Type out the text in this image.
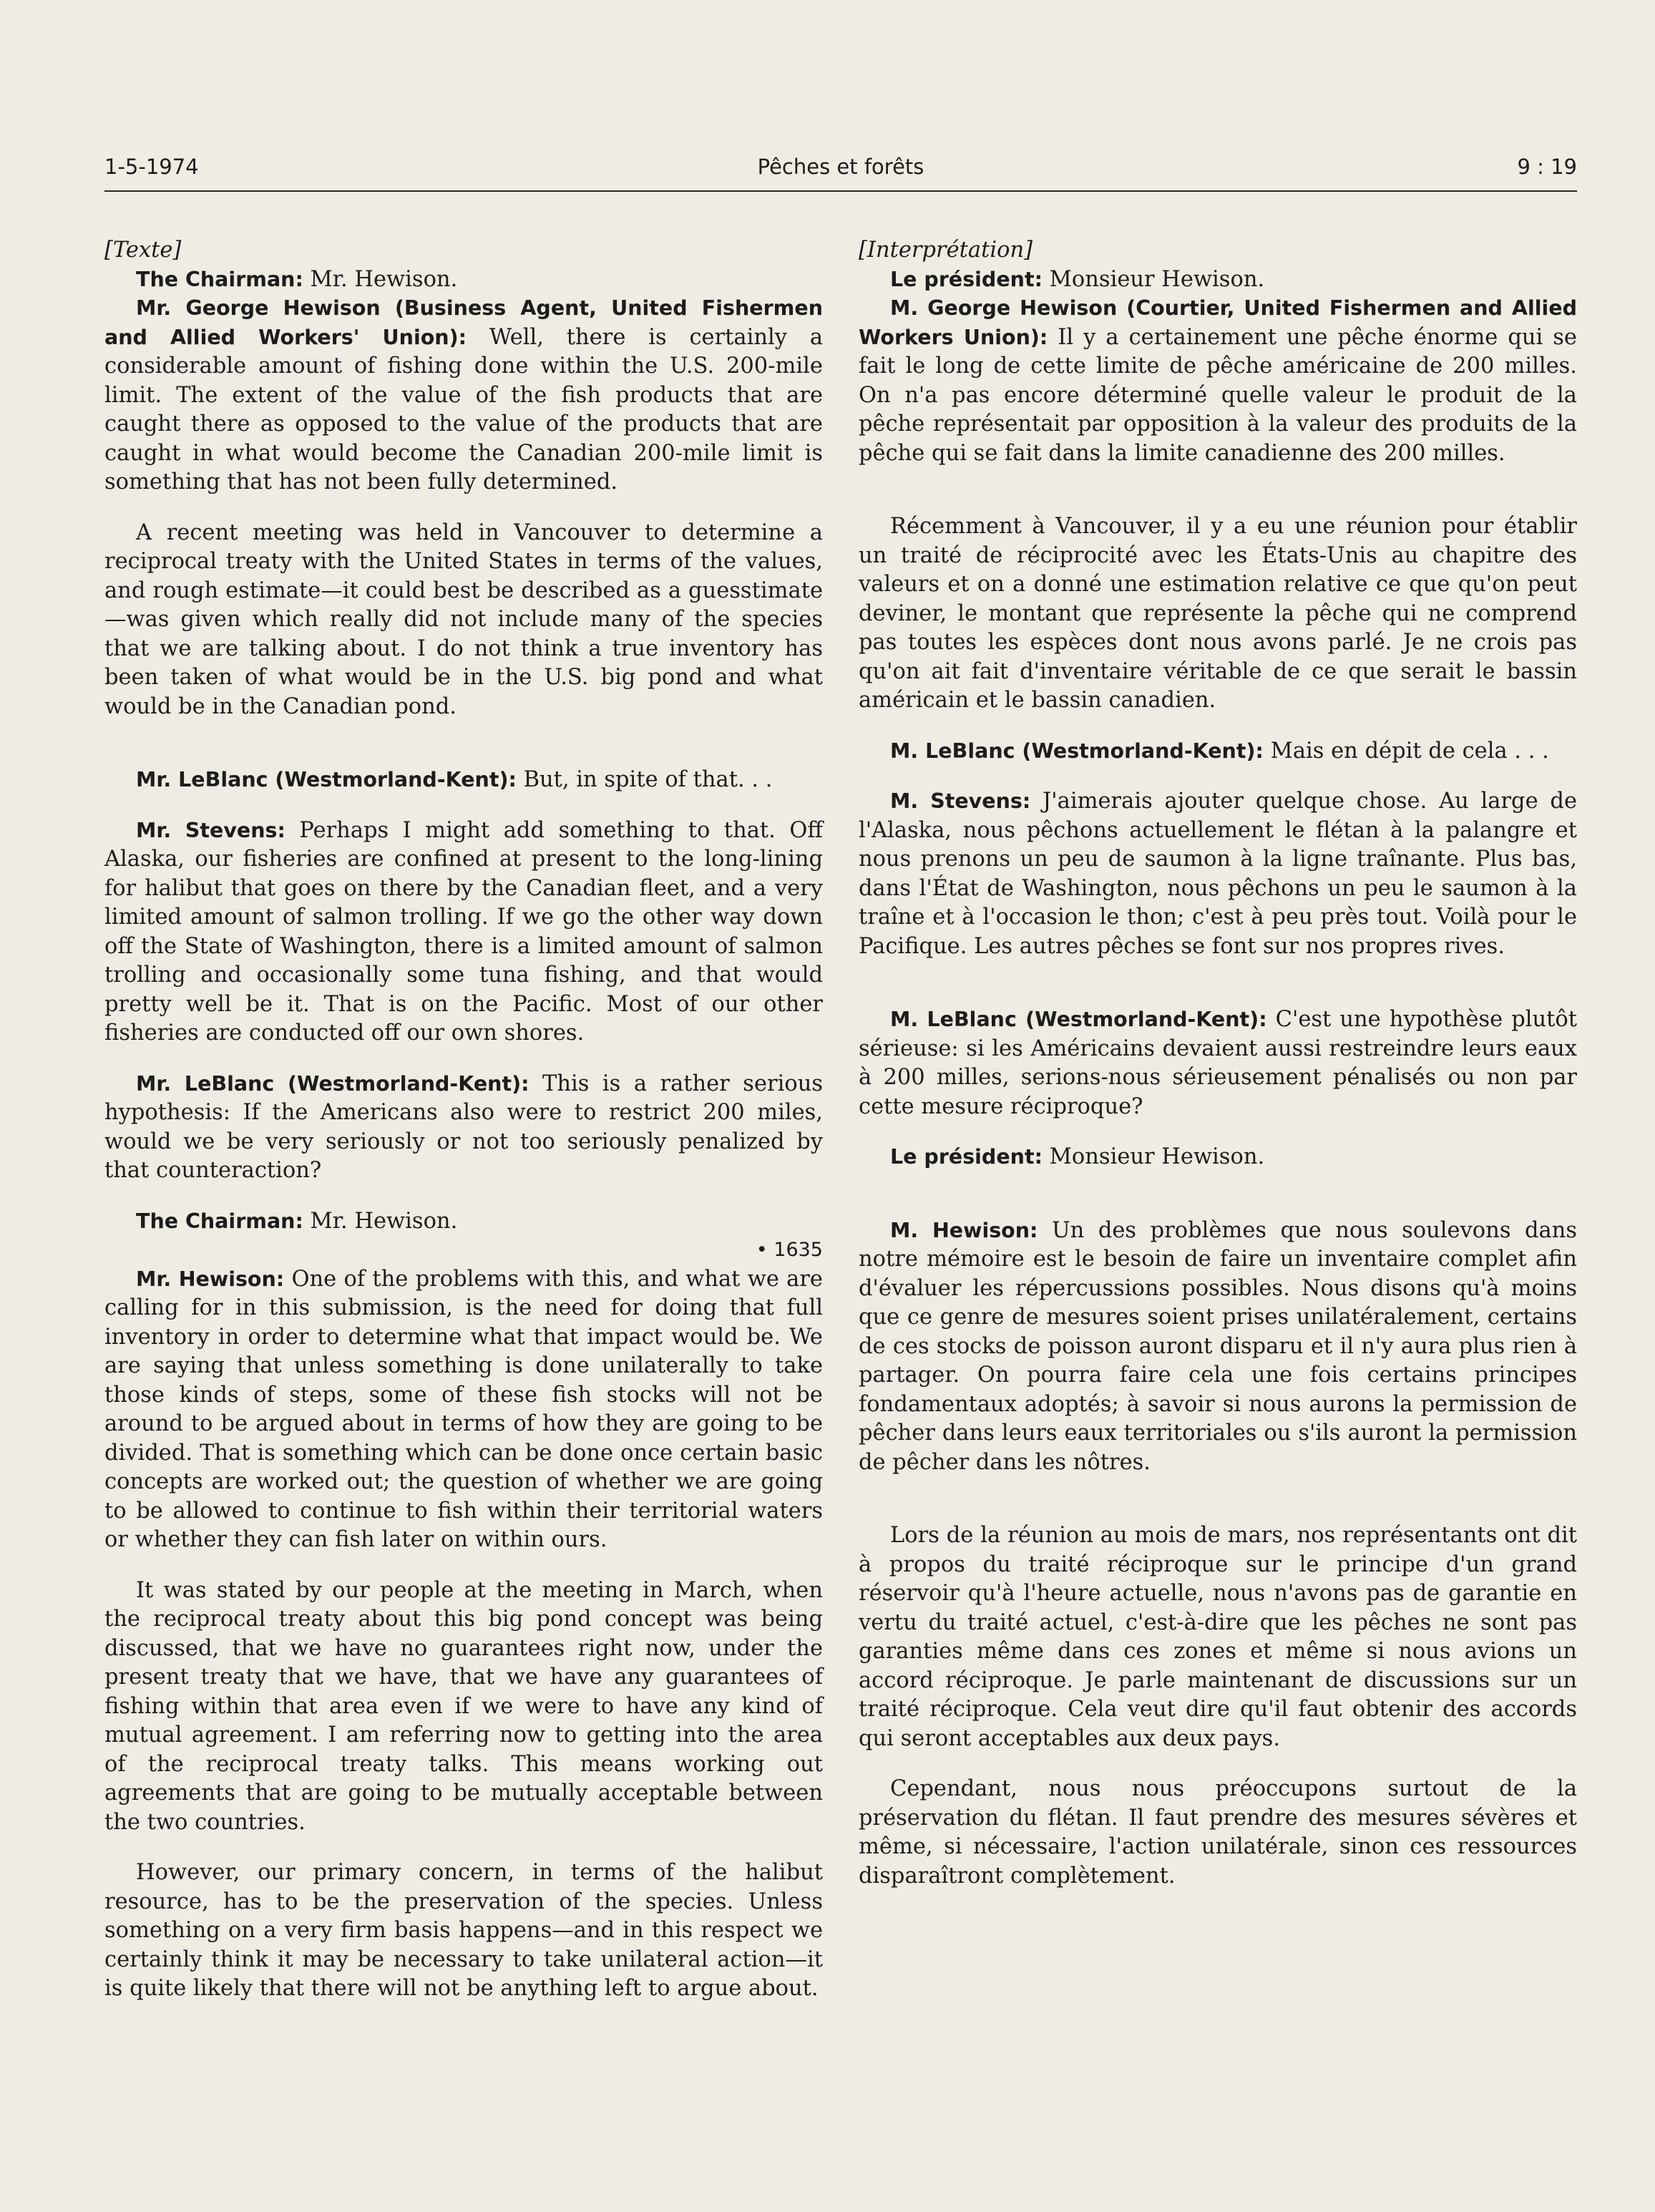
Pêches et forêts
1-5-1974	9 : 19

[Texte]

The Chairman: Mr. Hewison.

Mr. George Hewison (Business Agent, United Fishermen and Allied Workers' Union): Well, there is certainly a considerable amount of fishing done within the U.S. 200-mile limit. The extent of the value of the fish products that are caught there as opposed to the value of the products that are caught in what would become the Canadian 200-mile limit is something that has not been fully determined.

A recent meeting was held in Vancouver to determine a reciprocal treaty with the United States in terms of the values, and rough estimate—it could best be described as a guesstimate—was given which really did not include many of the species that we are talking about. I do not think a true inventory has been taken of what would be in the U.S. big pond and what would be in the Canadian pond.

Mr. LeBlanc (Westmorland-Kent): But, in spite of that. . .

Mr. Stevens: Perhaps I might add something to that. Off Alaska, our fisheries are confined at present to the long-lining for halibut that goes on there by the Canadian fleet, and a very limited amount of salmon trolling. If we go the other way down off the State of Washington, there is a limited amount of salmon trolling and occasionally some tuna fishing, and that would pretty well be it. That is on the Pacific. Most of our other fisheries are conducted off our own shores.

Mr. LeBlanc (Westmorland-Kent): This is a rather serious hypothesis: If the Americans also were to restrict 200 miles, would we be very seriously or not too seriously penalized by that counteraction?

The Chairman: Mr. Hewison.

• 1635

Mr. Hewison: One of the problems with this, and what we are calling for in this submission, is the need for doing that full inventory in order to determine what that impact would be. We are saying that unless something is done unilaterally to take those kinds of steps, some of these fish stocks will not be around to be argued about in terms of how they are going to be divided. That is something which can be done once certain basic concepts are worked out; the question of whether we are going to be allowed to continue to fish within their territorial waters or whether they can fish later on within ours.

It was stated by our people at the meeting in March, when the reciprocal treaty about this big pond concept was being discussed, that we have no guarantees right now, under the present treaty that we have, that we have any guarantees of fishing within that area even if we were to have any kind of mutual agreement. I am referring now to getting into the area of the reciprocal treaty talks. This means working out agreements that are going to be mutually acceptable between the two countries.

However, our primary concern, in terms of the halibut resource, has to be the preservation of the species. Unless something on a very firm basis happens—and in this respect we certainly think it may be necessary to take unilateral action—it is quite likely that there will not be anything left to argue about.

[Interprétation]

Le président: Monsieur Hewison.

M. George Hewison (Courtier, United Fishermen and Allied Workers Union): Il y a certainement une pêche énorme qui se fait le long de cette limite de pêche américaine de 200 milles. On n'a pas encore déterminé quelle valeur le produit de la pêche représentait par opposition à la valeur des produits de la pêche qui se fait dans la limite canadienne des 200 milles.

Récemment à Vancouver, il y a eu une réunion pour établir un traité de réciprocité avec les États-Unis au chapitre des valeurs et on a donné une estimation relative ce que qu'on peut deviner, le montant que représente la pêche qui ne comprend pas toutes les espèces dont nous avons parlé. Je ne crois pas qu'on ait fait d'inventaire véritable de ce que serait le bassin américain et le bassin canadien.

M. LeBlanc (Westmorland-Kent): Mais en dépit de cela . . .

M. Stevens: J'aimerais ajouter quelque chose. Au large de l'Alaska, nous pêchons actuellement le flétan à la palangre et nous prenons un peu de saumon à la ligne traînante. Plus bas, dans l'État de Washington, nous pêchons un peu le saumon à la traîne et à l'occasion le thon; c'est à peu près tout. Voilà pour le Pacifique. Les autres pêches se font sur nos propres rives.

M. LeBlanc (Westmorland-Kent): C'est une hypothèse plutôt sérieuse: si les Américains devaient aussi restreindre leurs eaux à 200 milles, serions-nous sérieusement pénalisés ou non par cette mesure réciproque?

Le président: Monsieur Hewison.

M. Hewison: Un des problèmes que nous soulevons dans notre mémoire est le besoin de faire un inventaire complet afin d'évaluer les répercussions possibles. Nous disons qu'à moins que ce genre de mesures soient prises unilatéralement, certains de ces stocks de poisson auront disparu et il n'y aura plus rien à partager. On pourra faire cela une fois certains principes fondamentaux adoptés; à savoir si nous aurons la permission de pêcher dans leurs eaux territoriales ou s'ils auront la permission de pêcher dans les nôtres.

Lors de la réunion au mois de mars, nos représentants ont dit à propos du traité réciproque sur le principe d'un grand réservoir qu'à l'heure actuelle, nous n'avons pas de garantie en vertu du traité actuel, c'est-à-dire que les pêches ne sont pas garanties même dans ces zones et même si nous avions un accord réciproque. Je parle maintenant de discussions sur un traité réciproque. Cela veut dire qu'il faut obtenir des accords qui seront acceptables aux deux pays.

Cependant, nous nous préoccupons surtout de la préservation du flétan. Il faut prendre des mesures sévères et même, si nécessaire, l'action unilatérale, sinon ces ressources disparaîtront complètement.
